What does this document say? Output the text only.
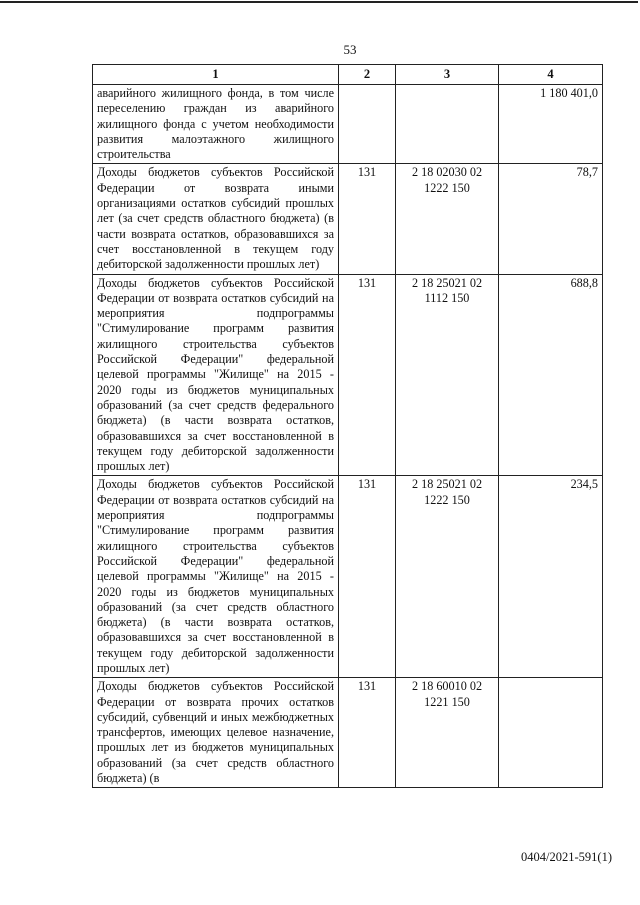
53
1	2	3	4
аварийного жилищного фонда, в том числе переселению граждан из аварийного жилищного фонда с учетом необходимости развития малоэтажного жилищного строительства			1 180 401,0
Доходы бюджетов субъектов Российской Федерации от возврата иными организациями остатков субсидий прошлых лет (за счет средств областного бюджета) (в части возврата остатков, образовавшихся за счет восстановленной в текущем году дебиторской задолженности прошлых лет)	131	2 18 02030 02 1222 150	78,7
Доходы бюджетов субъектов Российской Федерации от возврата остатков субсидий на мероприятия подпрограммы "Стимулирование программ развития жилищного строительства субъектов Российской Федерации" федеральной целевой программы "Жилище" на 2015 - 2020 годы из бюджетов муниципальных образований (за счет средств федерального бюджета) (в части возврата остатков, образовавшихся за счет восстановленной в текущем году дебиторской задолженности прошлых лет)	131	2 18 25021 02 1112 150	688,8
Доходы бюджетов субъектов Российской Федерации от возврата остатков субсидий на мероприятия подпрограммы "Стимулирование программ развития жилищного строительства субъектов Российской Федерации" федеральной целевой программы "Жилище" на 2015 - 2020 годы из бюджетов муниципальных образований (за счет средств областного бюджета) (в части возврата остатков, образовавшихся за счет восстановленной в текущем году дебиторской задолженности прошлых лет)	131	2 18 25021 02 1222 150	234,5
Доходы бюджетов субъектов Российской Федерации от возврата прочих остатков субсидий, субвенций и иных межбюджетных трансфертов, имеющих целевое назначение, прошлых лет из бюджетов муниципальных образований (за счет средств областного бюджета) (в	131	2 18 60010 02 1221 150	
0404/2021-591(1)
